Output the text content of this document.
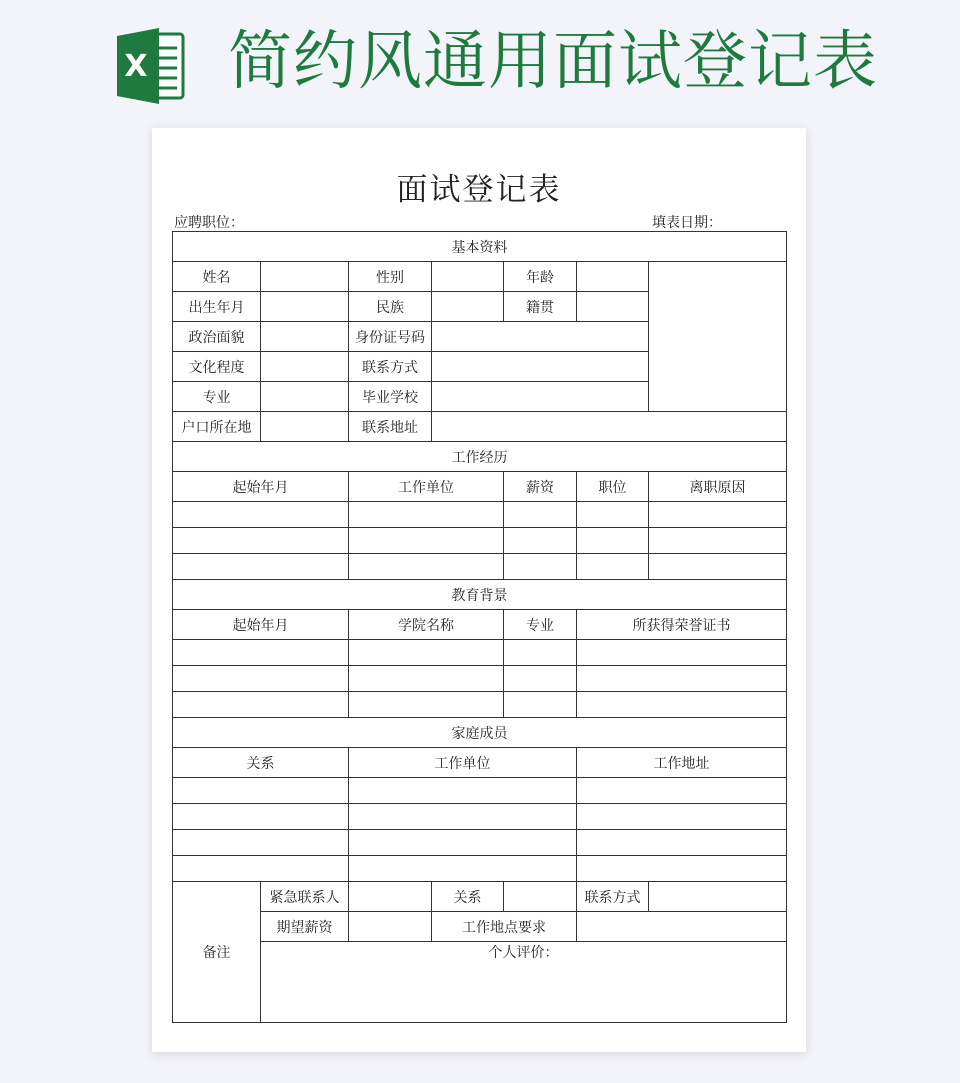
X 简约风通用面试登记表
面试登记表
应聘职位：	填表日期：
基本资料						
姓名		性别		年龄		
出生年月		民族		籍贯		
政治面貌		身份证号码				
文化程度		联系方式				
专业		毕业学校				
户口所在地		联系地址				
工作经历						
起始年月		工作单位		薪资	职位	离职原因

教育背景						
起始年月		学院名称		专业	所获得荣誉证书	

家庭成员						
关系		工作单位			工作地址	

备注	紧急联系人		关系		联系方式	
	期望薪资		工作地点要求			
	个人评价：					
